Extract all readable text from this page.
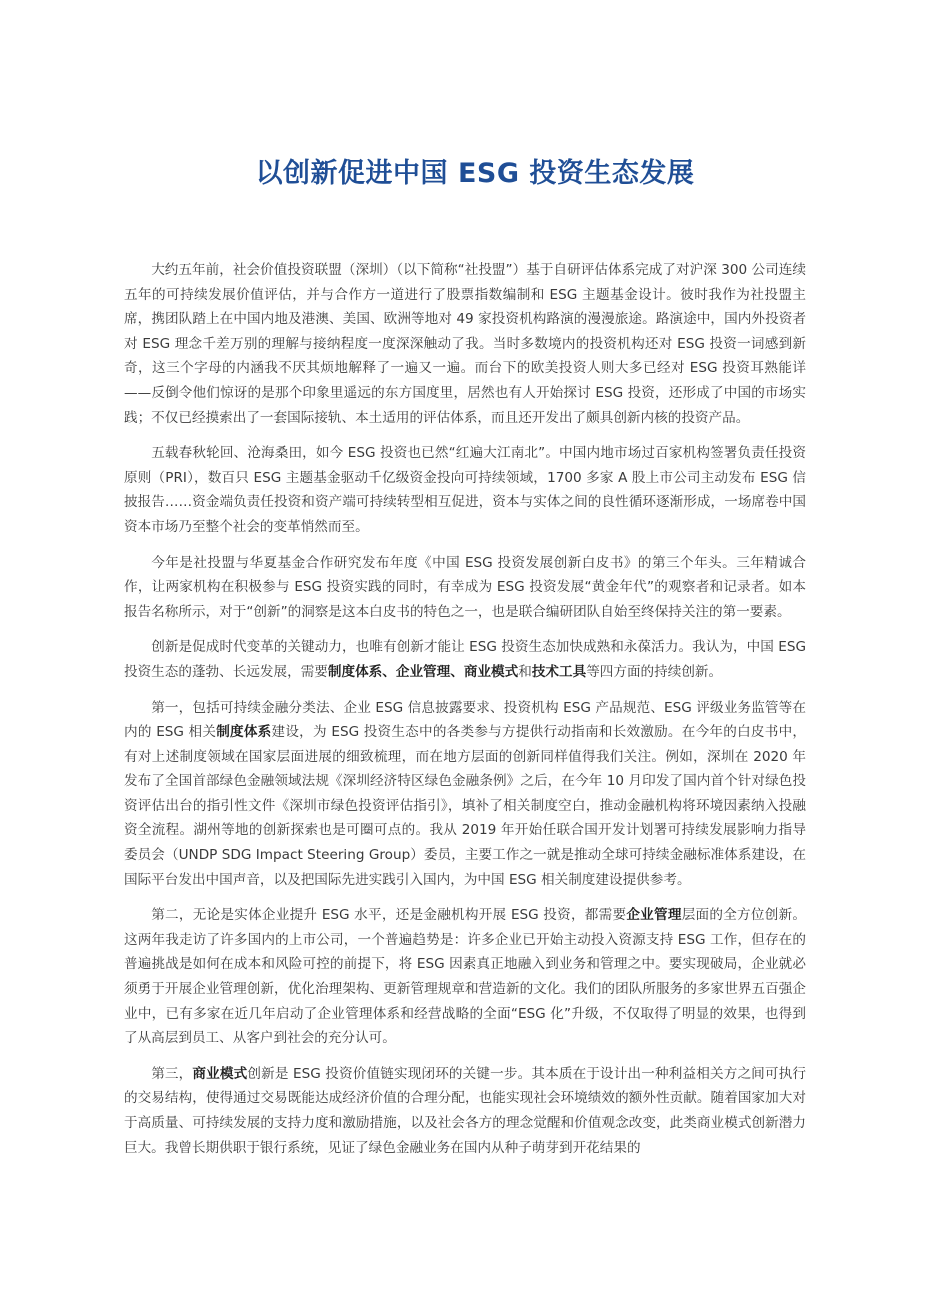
以创新促进中国 ESG 投资生态发展

大约五年前，社会价值投资联盟（深圳）（以下简称“社投盟”）基于自研评估体系完成了对沪深 300 公司连续五年的可持续发展价值评估，并与合作方一道进行了股票指数编制和 ESG 主题基金设计。彼时我作为社投盟主席，携团队踏上在中国内地及港澳、美国、欧洲等地对 49 家投资机构路演的漫漫旅途。路演途中，国内外投资者对 ESG 理念千差万别的理解与接纳程度一度深深触动了我。当时多数境内的投资机构还对 ESG 投资一词感到新奇，这三个字母的内涵我不厌其烦地解释了一遍又一遍。而台下的欧美投资人则大多已经对 ESG 投资耳熟能详——反倒令他们惊讶的是那个印象里遥远的东方国度里，居然也有人开始探讨 ESG 投资，还形成了中国的市场实践；不仅已经摸索出了一套国际接轨、本土适用的评估体系，而且还开发出了颇具创新内核的投资产品。

五载春秋轮回、沧海桑田，如今 ESG 投资也已然“红遍大江南北”。中国内地市场过百家机构签署负责任投资原则（PRI），数百只 ESG 主题基金驱动千亿级资金投向可持续领域，1700 多家 A 股上市公司主动发布 ESG 信披报告……资金端负责任投资和资产端可持续转型相互促进，资本与实体之间的良性循环逐渐形成，一场席卷中国资本市场乃至整个社会的变革悄然而至。

今年是社投盟与华夏基金合作研究发布年度《中国 ESG 投资发展创新白皮书》的第三个年头。三年精诚合作，让两家机构在积极参与 ESG 投资实践的同时，有幸成为 ESG 投资发展“黄金年代”的观察者和记录者。如本报告名称所示，对于“创新”的洞察是这本白皮书的特色之一，也是联合编研团队自始至终保持关注的第一要素。

创新是促成时代变革的关键动力，也唯有创新才能让 ESG 投资生态加快成熟和永葆活力。我认为，中国 ESG 投资生态的蓬勃、长远发展，需要制度体系、企业管理、商业模式和技术工具等四方面的持续创新。

第一，包括可持续金融分类法、企业 ESG 信息披露要求、投资机构 ESG 产品规范、ESG 评级业务监管等在内的 ESG 相关制度体系建设，为 ESG 投资生态中的各类参与方提供行动指南和长效激励。在今年的白皮书中，有对上述制度领域在国家层面进展的细致梳理，而在地方层面的创新同样值得我们关注。例如，深圳在 2020 年发布了全国首部绿色金融领域法规《深圳经济特区绿色金融条例》之后，在今年 10 月印发了国内首个针对绿色投资评估出台的指引性文件《深圳市绿色投资评估指引》，填补了相关制度空白，推动金融机构将环境因素纳入投融资全流程。湖州等地的创新探索也是可圈可点的。我从 2019 年开始任联合国开发计划署可持续发展影响力指导委员会（UNDP SDG Impact Steering Group）委员，主要工作之一就是推动全球可持续金融标准体系建设，在国际平台发出中国声音，以及把国际先进实践引入国内，为中国 ESG 相关制度建设提供参考。

第二，无论是实体企业提升 ESG 水平，还是金融机构开展 ESG 投资，都需要企业管理层面的全方位创新。这两年我走访了许多国内的上市公司，一个普遍趋势是：许多企业已开始主动投入资源支持 ESG 工作，但存在的普遍挑战是如何在成本和风险可控的前提下，将 ESG 因素真正地融入到业务和管理之中。要实现破局，企业就必须勇于开展企业管理创新，优化治理架构、更新管理规章和营造新的文化。我们的团队所服务的多家世界五百强企业中，已有多家在近几年启动了企业管理体系和经营战略的全面“ESG 化”升级，不仅取得了明显的效果，也得到了从高层到员工、从客户到社会的充分认可。

第三，商业模式创新是 ESG 投资价值链实现闭环的关键一步。其本质在于设计出一种利益相关方之间可执行的交易结构，使得通过交易既能达成经济价值的合理分配，也能实现社会环境绩效的额外性贡献。随着国家加大对于高质量、可持续发展的支持力度和激励措施，以及社会各方的理念觉醒和价值观念改变，此类商业模式创新潜力巨大。我曾长期供职于银行系统，见证了绿色金融业务在国内从种子萌芽到开花结果的
